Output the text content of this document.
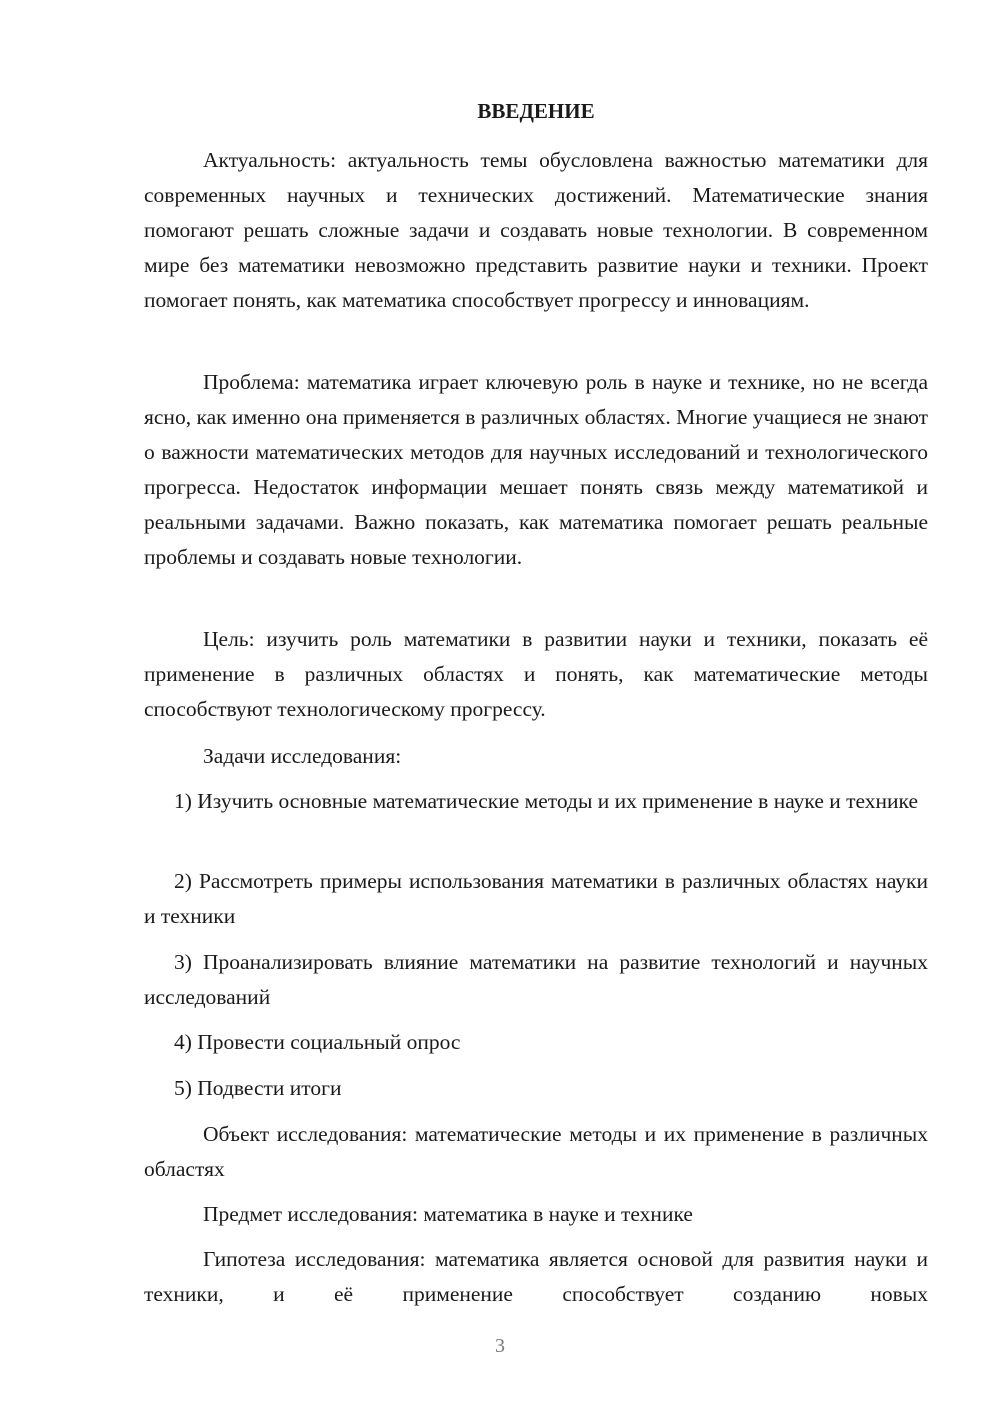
ВВЕДЕНИЕ

Актуальность: актуальность темы обусловлена важностью математики для современных научных и технических достижений. Математические знания помогают решать сложные задачи и создавать новые технологии. В современном мире без математики невозможно представить развитие науки и техники. Проект помогает понять, как математика способствует прогрессу и инновациям.

Проблема: математика играет ключевую роль в науке и технике, но не всегда ясно, как именно она применяется в различных областях. Многие учащиеся не знают о важности математических методов для научных исследований и технологического прогресса. Недостаток информации мешает понять связь между математикой и реальными задачами. Важно показать, как математика помогает решать реальные проблемы и создавать новые технологии.

Цель: изучить роль математики в развитии науки и техники, показать её применение в различных областях и понять, как математические методы способствуют технологическому прогрессу.

Задачи исследования:

1) Изучить основные математические методы и их применение в науке и технике

2) Рассмотреть примеры использования математики в различных областях науки и техники

3) Проанализировать влияние математики на развитие технологий и научных исследований

4) Провести социальный опрос

5) Подвести итоги

Объект исследования: математические методы и их применение в различных областях

Предмет исследования: математика в науке и технике

Гипотеза исследования: математика является основой для развития науки и техники, и её применение способствует созданию новых

3
